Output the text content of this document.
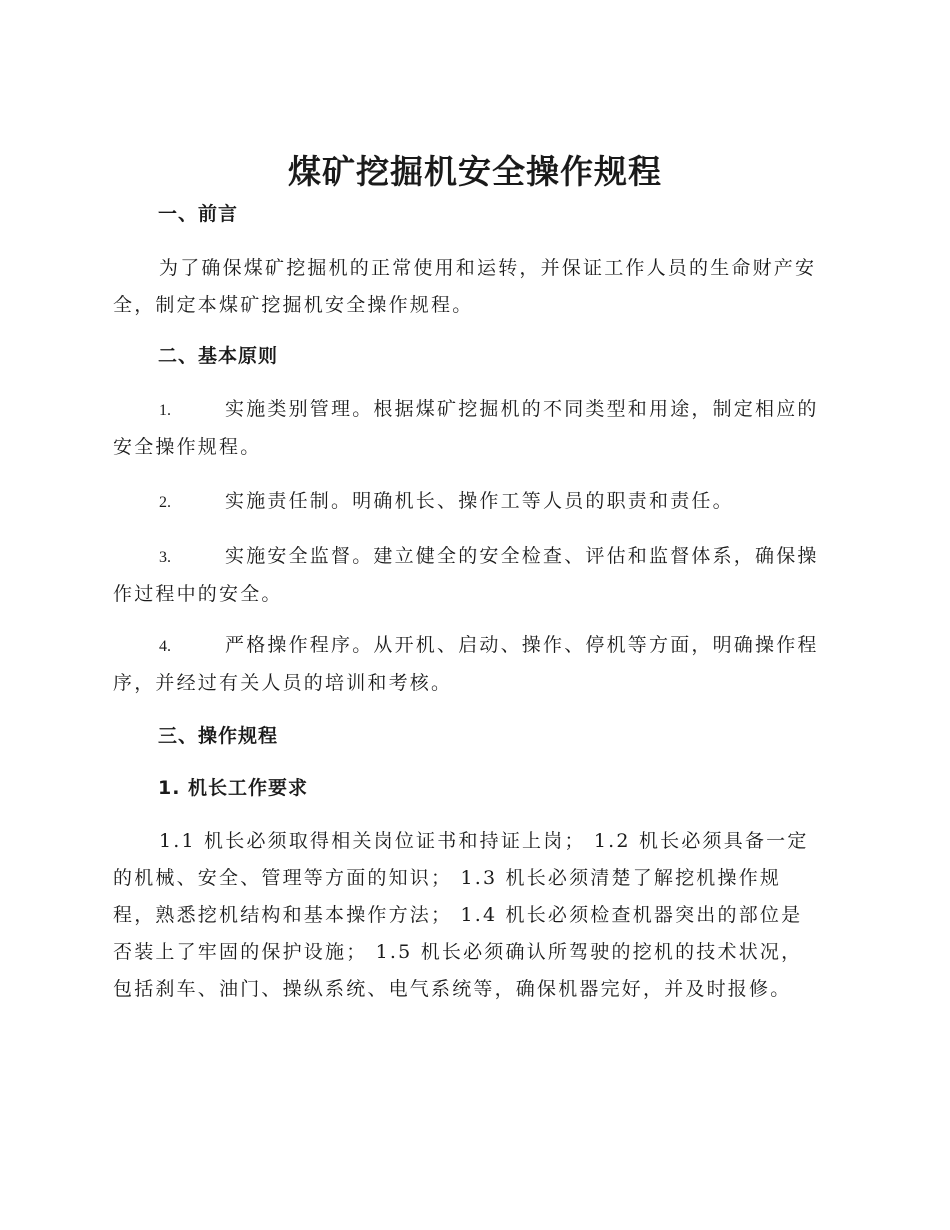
煤矿挖掘机安全操作规程
一、前言
为了确保煤矿挖掘机的正常使用和运转，并保证工作人员的生命财产安
全，制定本煤矿挖掘机安全操作规程。
二、基本原则
1.	实施类别管理。根据煤矿挖掘机的不同类型和用途，制定相应的
安全操作规程。
2.	实施责任制。明确机长、操作工等人员的职责和责任。
3.	实施安全监督。建立健全的安全检查、评估和监督体系，确保操
作过程中的安全。
4.	严格操作程序。从开机、启动、操作、停机等方面，明确操作程
序，并经过有关人员的培训和考核。
三、操作规程
1. 机长工作要求
1.1 机长必须取得相关岗位证书和持证上岗； 1.2 机长必须具备一定
的机械、安全、管理等方面的知识； 1.3 机长必须清楚了解挖机操作规
程，熟悉挖机结构和基本操作方法； 1.4 机长必须检查机器突出的部位是
否装上了牢固的保护设施； 1.5 机长必须确认所驾驶的挖机的技术状况，
包括刹车、油门、操纵系统、电气系统等，确保机器完好，并及时报修。
